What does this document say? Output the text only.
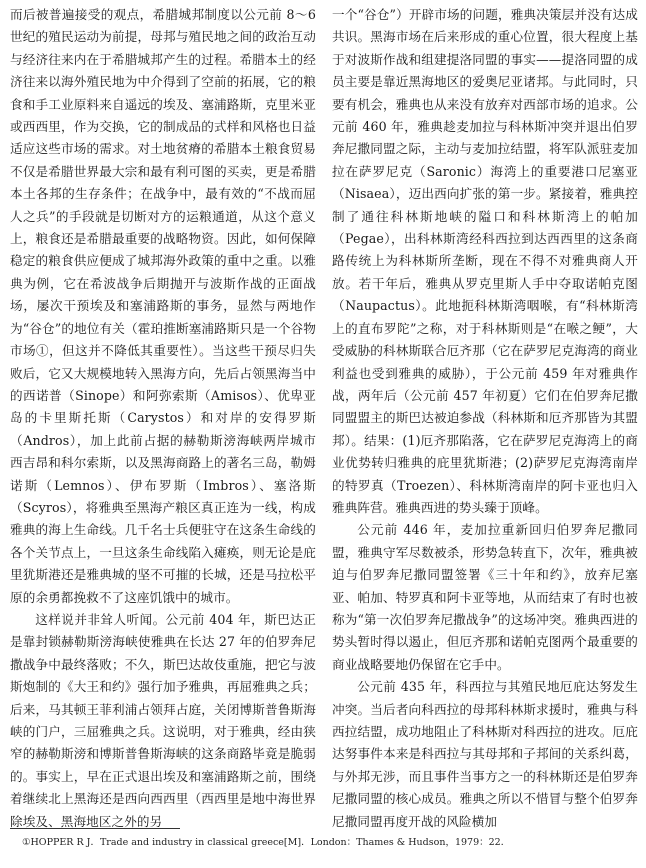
而后被普遍接受的观点，希腊城邦制度以公元前 8～6 世纪的殖民运动为前提，母邦与殖民地之间的政治互动与经济往来内在于希腊城邦产生的过程。希腊本土的经济往来以海外殖民地为中介得到了空前的拓展，它的粮食和手工业原料来自遥远的埃及、塞浦路斯，克里米亚或西西里，作为交换，它的制成品的式样和风格也日益适应这些市场的需求。对土地贫瘠的希腊本土粮食贸易不仅是希腊世界最大宗和最有利可图的买卖，更是希腊本土各邦的生存条件；在战争中，最有效的“不战而屈人之兵”的手段就是切断对方的运粮通道，从这个意义上，粮食还是希腊最重要的战略物资。因此，如何保障稳定的粮食供应便成了城邦海外政策的重中之重。以雅典为例，它在希波战争后期抛开与波斯作战的正面战场，屡次干预埃及和塞浦路斯的事务，显然与两地作为“谷仓”的地位有关（霍珀推断塞浦路斯只是一个谷物市场①，但这并不降低其重要性）。当这些干预尽归失败后，它又大规模地转入黑海方向，先后占领黑海当中的西诺普（Sinope）和阿弥索斯（Amisos）、优卑亚岛的卡里斯托斯（Carystos）和对岸的安得罗斯（Andros），加上此前占据的赫勒斯滂海峡两岸城市西吉昂和科尔索斯，以及黑海商路上的著名三岛，勒姆诺斯（Lemnos）、伊布罗斯（Imbros）、塞洛斯（Scyros），将雅典至黑海产粮区真正连为一线，构成雅典的海上生命线。几千名士兵便驻守在这条生命线的各个关节点上，一旦这条生命线陷入瘫痪，则无论是庇里犹斯港还是雅典城的坚不可摧的长城，还是马拉松平原的余勇都挽救不了这座饥饿中的城市。

这样说并非耸人听闻。公元前 404 年，斯巴达正是靠封锁赫勒斯滂海峡使雅典在长达 27 年的伯罗奔尼撒战争中最终落败；不久，斯巴达故伎重施，把它与波斯炮制的《大王和约》强行加予雅典，再屈雅典之兵；后来，马其顿王菲利浦占领拜占庭，关闭博斯普鲁斯海峡的门户，三屈雅典之兵。这说明，对于雅典，经由狭窄的赫勒斯滂和博斯普鲁斯海峡的这条商路毕竟是脆弱的。事实上，早在正式退出埃及和塞浦路斯之前，围绕着继续北上黑海还是西向西西里（西西里是地中海世界除埃及、黑海地区之外的另

一个“谷仓”）开辟市场的问题，雅典决策层并没有达成共识。黑海市场在后来形成的重心位置，很大程度上基于对波斯作战和组建提洛同盟的事实——提洛同盟的成员主要是靠近黑海地区的爱奥尼亚诸邦。与此同时，只要有机会，雅典也从来没有放弃对西部市场的追求。公元前 460 年，雅典趁麦加拉与科林斯冲突并退出伯罗奔尼撒同盟之际，主动与麦加拉结盟，将军队派驻麦加拉在萨罗尼克（Saronic）海湾上的重要港口尼塞亚（Nisaea），迈出西向扩张的第一步。紧接着，雅典控制了通往科林斯地峡的隘口和科林斯湾上的帕加（Pegae），出科林斯湾经科西拉到达西西里的这条商路传统上为科林斯所垄断，现在不得不对雅典商人开放。若干年后，雅典从罗克里斯人手中夺取诺帕克图（Naupactus）。此地扼科林斯湾咽喉，有“科林斯湾上的直布罗陀”之称，对于科林斯则是“在喉之鲠”，大受威胁的科林斯联合厄齐那（它在萨罗尼克海湾的商业利益也受到雅典的威胁），于公元前 459 年对雅典作战，两年后（公元前 457 年初夏）它们在伯罗奔尼撒同盟盟主的斯巴达被迫参战（科林斯和厄齐那皆为其盟邦）。结果：(1)厄齐那陷落，它在萨罗尼克海湾上的商业优势转归雅典的庇里犹斯港；(2)萨罗尼克海湾南岸的特罗真（Troezen）、科林斯湾南岸的阿卡亚也归入雅典阵营。雅典西进的势头臻于顶峰。

公元前 446 年，麦加拉重新回归伯罗奔尼撒同盟，雅典守军尽数被杀，形势急转直下，次年，雅典被迫与伯罗奔尼撒同盟签署《三十年和约》，放弃尼塞亚、帕加、特罗真和阿卡亚等地，从而结束了有时也被称为“第一次伯罗奔尼撒战争”的这场冲突。雅典西进的势头暂时得以遏止，但厄齐那和诺帕克图两个最重要的商业战略要地仍保留在它手中。

公元前 435 年，科西拉与其殖民地厄庇达努发生冲突。当后者向科西拉的母邦科林斯求援时，雅典与科西拉结盟，成功地阻止了科林斯对科西拉的进攻。厄庇达努事件本来是科西拉与其母邦和子邦间的关系纠葛，与外邦无涉，而且事件当事方之一的科林斯还是伯罗奔尼撒同盟的核心成员。雅典之所以不惜冒与整个伯罗奔尼撒同盟再度开战的风险横加

①HOPPER R J．Trade and industry in classical greece[M]．London：Thames & Hudson，1979：22．
